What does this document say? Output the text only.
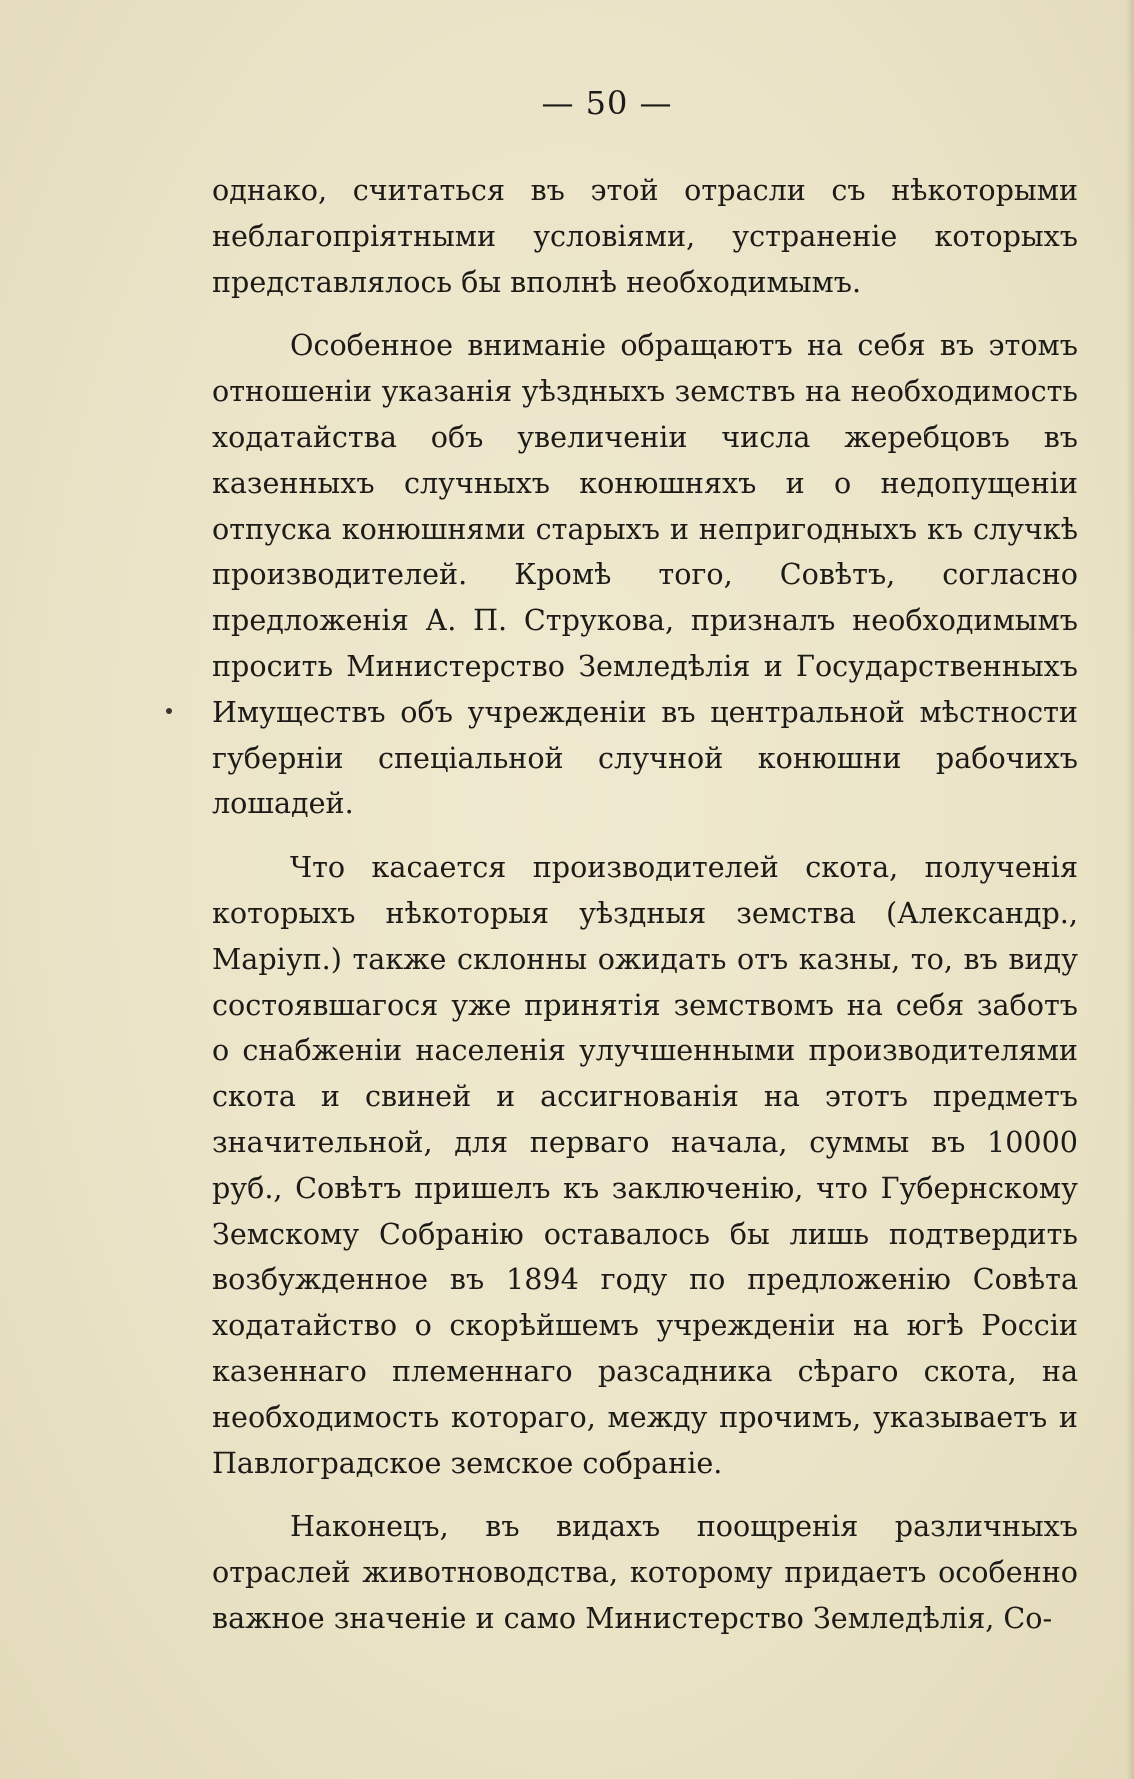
— 50 —

однако, считаться въ этой отрасли съ нѣкоторыми неблагопріятными условіями, устраненіе которыхъ представлялось бы вполнѣ необходимымъ.

Особенное вниманіе обращаютъ на себя въ этомъ отношеніи указанія уѣздныхъ земствъ на необходимость ходатайства объ увеличеніи числа жеребцовъ въ казенныхъ случныхъ конюшняхъ и о недопущеніи отпуска конюшнями старыхъ и непригодныхъ къ случкѣ производителей. Кромѣ того, Совѣтъ, согласно предложенія А. П. Струкова, призналъ необходимымъ просить Министерство Земледѣлія и Государственныхъ Имуществъ объ учрежденіи въ центральной мѣстности губерніи спеціальной случной конюшни рабочихъ лошадей.

Что касается производителей скота, полученія которыхъ нѣкоторыя уѣздныя земства (Александр., Маріуп.) также склонны ожидать отъ казны, то, въ виду состоявшагося уже принятія земствомъ на себя заботъ о снабженіи населенія улучшенными производителями скота и свиней и ассигнованія на этотъ предметъ значительной, для перваго начала, суммы въ 10000 руб., Совѣтъ пришелъ къ заключенію, что Губернскому Земскому Собранію оставалось бы лишь подтвердить возбужденное въ 1894 году по предложенію Совѣта ходатайство о скорѣйшемъ учрежденіи на югѣ Россіи казеннаго племеннаго разсадника сѣраго скота, на необходимость котораго, между прочимъ, указываетъ и Павлоградское земское собраніе.

Наконецъ, въ видахъ поощренія различныхъ отраслей животноводства, которому придаетъ особенно важное значеніе и само Министерство Земледѣлія, Со-
